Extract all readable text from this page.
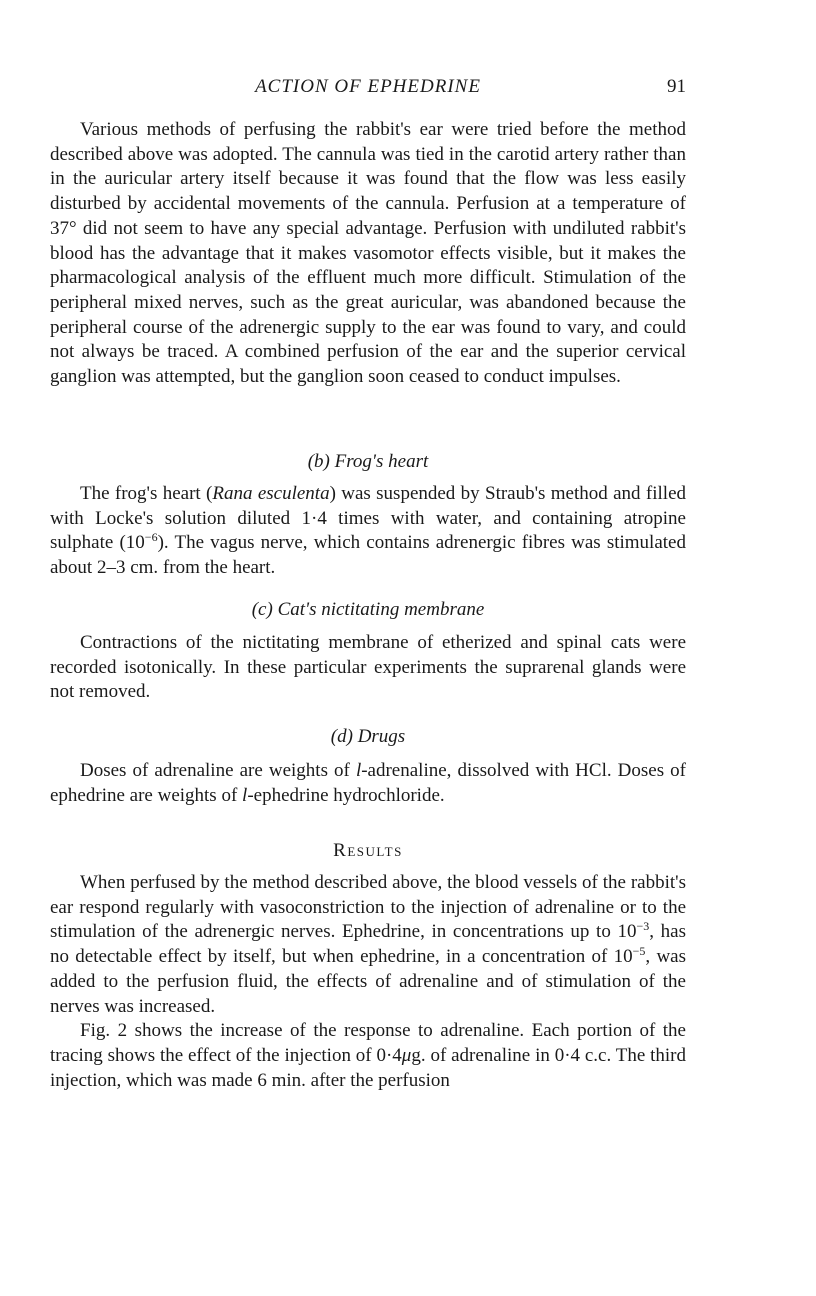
ACTION OF EPHEDRINE	91

Various methods of perfusing the rabbit's ear were tried before the method described above was adopted. The cannula was tied in the carotid artery rather than in the auricular artery itself because it was found that the flow was less easily disturbed by accidental movements of the cannula. Perfusion at a temperature of 37° did not seem to have any special advantage. Perfusion with undiluted rabbit's blood has the advantage that it makes vasomotor effects visible, but it makes the pharmacological analysis of the effluent much more difficult. Stimulation of the peripheral mixed nerves, such as the great auricular, was abandoned because the peripheral course of the adrenergic supply to the ear was found to vary, and could not always be traced. A combined perfusion of the ear and the superior cervical ganglion was attempted, but the ganglion soon ceased to conduct impulses.

(b) Frog's heart

The frog's heart (Rana esculenta) was suspended by Straub's method and filled with Locke's solution diluted 1·4 times with water, and containing atropine sulphate $(10^{-6})$. The vagus nerve, which contains adrenergic fibres was stimulated about 2–3 cm. from the heart.

(c) Cat's nictitating membrane

Contractions of the nictitating membrane of etherized and spinal cats were recorded isotonically. In these particular experiments the suprarenal glands were not removed.

(d) Drugs

Doses of adrenaline are weights of l-adrenaline, dissolved with HCl. Doses of ephedrine are weights of l-ephedrine hydrochloride.

Results

When perfused by the method described above, the blood vessels of the rabbit's ear respond regularly with vasoconstriction to the injection of adrenaline or to the stimulation of the adrenergic nerves. Ephedrine, in concentrations up to $10^{-3}$, has no detectable effect by itself, but when ephedrine, in a concentration of $10^{-5}$, was added to the perfusion fluid, the effects of adrenaline and of stimulation of the nerves was increased.

Fig. 2 shows the increase of the response to adrenaline. Each portion of the tracing shows the effect of the injection of 0·4μg. of adrenaline in 0·4 c.c. The third injection, which was made 6 min. after the perfusion
